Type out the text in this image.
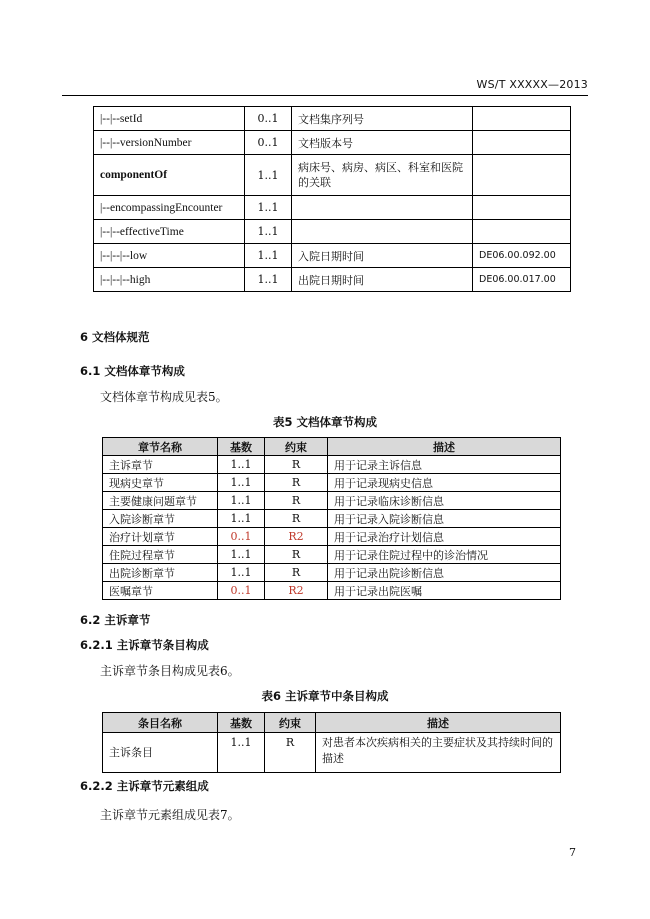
WS/T XXXXX—2013
|--|--setId	0..1	文档集序列号	
|--|--versionNumber	0..1	文档版本号	
componentOf	1..1	病床号、病房、病区、科室和医院的关联	
|--encompassingEncounter	1..1		
|--|--effectiveTime	1..1		
|--|--|--low	1..1	入院日期时间	DE06.00.092.00
|--|--|--high	1..1	出院日期时间	DE06.00.017.00
6 文档体规范
6.1 文档体章节构成
文档体章节构成见表5。
表5 文档体章节构成
章节名称	基数	约束	描述
主诉章节	1..1	R	用于记录主诉信息
现病史章节	1..1	R	用于记录现病史信息
主要健康问题章节	1..1	R	用于记录临床诊断信息
入院诊断章节	1..1	R	用于记录入院诊断信息
治疗计划章节	0..1	R2	用于记录治疗计划信息
住院过程章节	1..1	R	用于记录住院过程中的诊治情况
出院诊断章节	1..1	R	用于记录出院诊断信息
医嘱章节	0..1	R2	用于记录出院医嘱
6.2 主诉章节
6.2.1 主诉章节条目构成
主诉章节条目构成见表6。
表6 主诉章节中条目构成
条目名称	基数	约束	描述
主诉条目	1..1	R	对患者本次疾病相关的主要症状及其持续时间的描述
6.2.2 主诉章节元素组成
主诉章节元素组成见表7。
7
